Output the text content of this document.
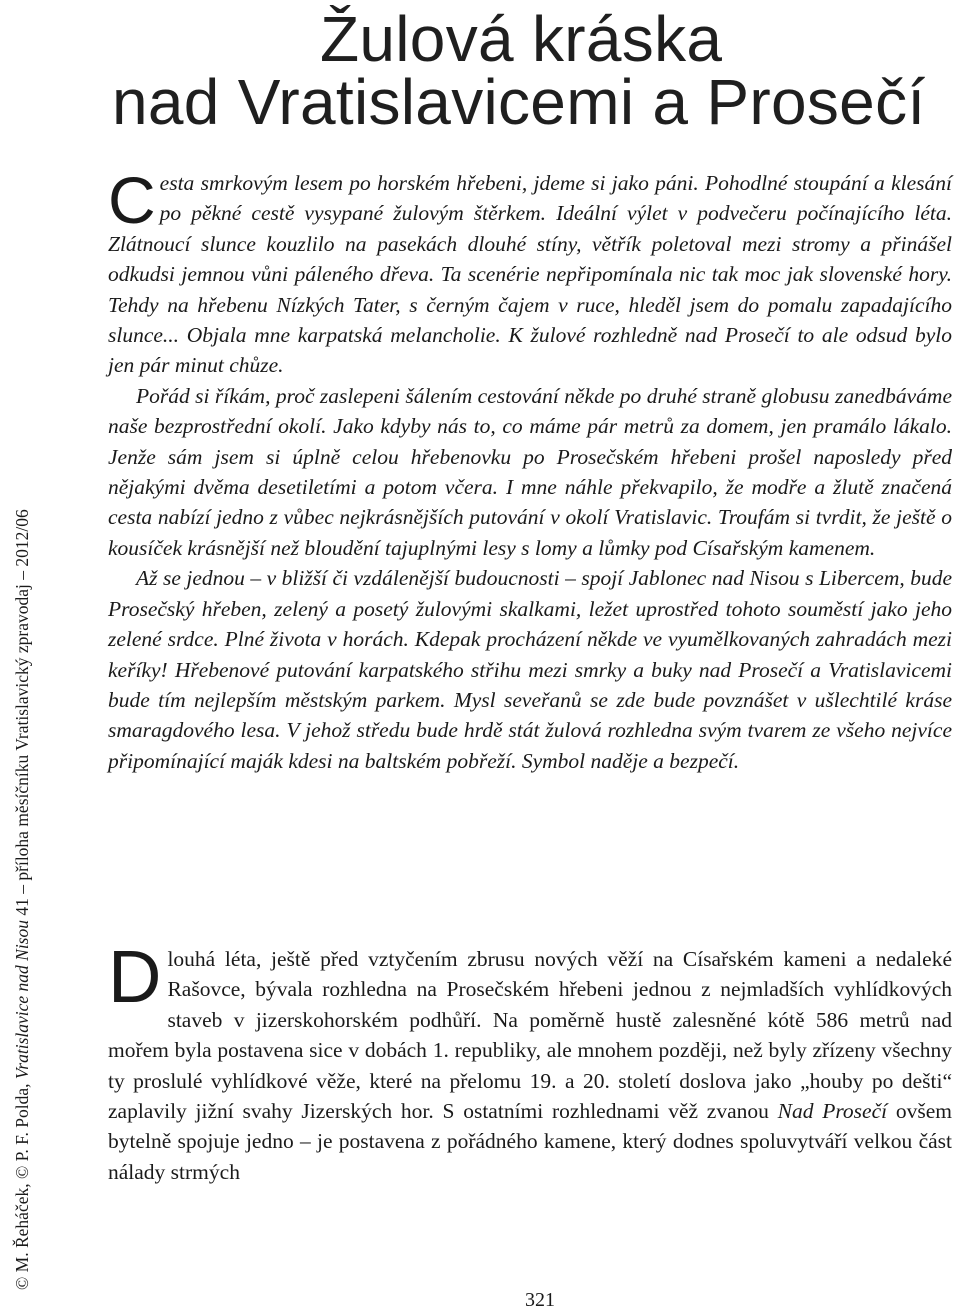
© M. Řeháček, © P. F. Polda, Vratislavice nad Nisou 41 – příloha měsíčníku Vratislavický zpravodaj – 2012/06
Žulová kráska
nad Vratislavicemi a Prosečí

Cesta smrkovým lesem po horském hřebeni, jdeme si jako páni. Pohodlné stoupání a klesání po pěkné cestě vysypané žulovým štěrkem. Ideální výlet v podvečeru počínajícího léta. Zlátnoucí slunce kouzlilo na pasekách dlouhé stíny, větřík poletoval mezi stromy a přinášel odkudsi jemnou vůni páleného dřeva. Ta scenérie nepřipomínala nic tak moc jak slovenské hory. Tehdy na hřebenu Nízkých Tater, s černým čajem v ruce, hleděl jsem do pomalu zapadajícího slunce... Objala mne karpatská melancholie. K žulové rozhledně nad Prosečí to ale odsud bylo jen pár minut chůze.

Pořád si říkám, proč zaslepeni šálením cestování někde po druhé straně globusu zanedbáváme naše bezprostřední okolí. Jako kdyby nás to, co máme pár metrů za domem, jen pramálo lákalo. Jenže sám jsem si úplně celou hřebenovku po Prosečském hřebeni prošel naposledy před nějakými dvěma desetiletími a potom včera. I mne náhle překvapilo, že modře a žlutě značená cesta nabízí jedno z vůbec nejkrásnějších putování v okolí Vratislavic. Troufám si tvrdit, že ještě o kousíček krásnější než bloudění tajuplnými lesy s lomy a lůmky pod Císařským kamenem.

Až se jednou – v bližší či vzdálenější budoucnosti – spojí Jablonec nad Nisou s Libercem, bude Prosečský hřeben, zelený a posetý žulovými skalkami, ležet uprostřed tohoto souměstí jako jeho zelené srdce. Plné života v horách. Kdepak procházení někde ve vyumělkovaných zahradách mezi keříky! Hřebenové putování karpatského střihu mezi smrky a buky nad Prosečí a Vratislavicemi bude tím nejlepším městským parkem. Mysl seveřanů se zde bude povznášet v ušlechtilé kráse smaragdového lesa. V jehož středu bude hrdě stát žulová rozhledna svým tvarem ze všeho nejvíce připomínající maják kdesi na baltském pobřeží. Symbol naděje a bezpečí.

Dlouhá léta, ještě před vztyčením zbrusu nových věží na Císařském kameni a nedaleké Rašovce, bývala rozhledna na Prosečském hřebeni jednou z nejmladších vyhlídkových staveb v jizerskohorském podhůří. Na poměrně hustě zalesněné kótě 586 metrů nad mořem byla postavena sice v dobách 1. republiky, ale mnohem později, než byly zřízeny všechny ty proslulé vyhlídkové věže, které na přelomu 19. a 20. století doslova jako „houby po dešti“ zaplavily jižní svahy Jizerských hor. S ostatními rozhlednami věž zvanou Nad Prosečí ovšem bytelně spojuje jedno – je postavena z pořádného kamene, který dodnes spoluvytváří velkou část nálady strmých

321
